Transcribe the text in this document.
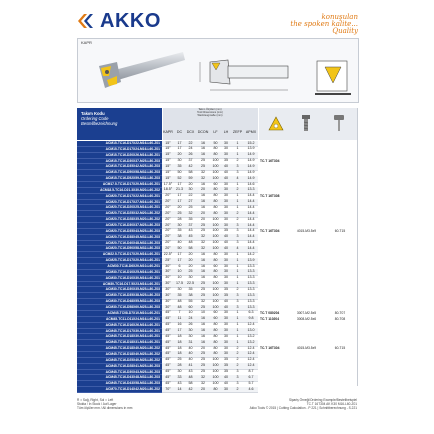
AKKO	konuşulan
the spoken kalite...
Quality
KAPR
Takım Kodu
Ordering Code
Bestellbezeichnung
Takım Ölçüleri (mm)
Tool Dimensions (mm)
Werkzeugmaße (mm)
KAPR	DC	DCX DCON	LF	LH	ZEFP	APMX
ACM15-TC16-D17X22-M16-L60-Z01	15°	17	22	16	50	30	1	15.2
ACM15-TC16-D17X24-M16-L60-Z01	15°	17	24	16	80	30	1	13.9
ACM15-TC16-D20X26-M16-L80-Z01	15°	20	26	16	80	30	1	14.9
ACM15-TC16-D30X37-M25-L80-Z03	15°	30	37	25	100	35	2	14.9	TC.T 16T304
ACM15-TC16-D35X42-M25-L80-Z03	15°	35	42	25	100	40	3	14.9
ACM15-TC16-D50X58-M32-L80-Z03	15°	50	58	32	100	40	3	14.9
ACM15-TC16-D52X59-M32-L80-Z03	15°	52	59	32	100	40	4	14.9
ACM17.5-TC16-D17X20-M16-L60-Z01	17.5°	17	20	16	60	30	1	14.6
ACM18.5-TC16-D21.3X30-M20-L60-Z02	18.5°	21.3	30	20	80	30	2	13.3
ACM20-TC16-D17X22-M16-L60-Z01	20°	17	22	16	80	30	1	14.4	TC.T 16T308
ACM20-TC16-D17X27-M16-L60-Z01	20°	17	27	16	80	30	1	14.4
ACM20-TC16-D20X25-M16-L60-Z01	20°	20	25	16	80	30	1	14.4
ACM20-TC16-D25X32-M20-L80-Z02	20°	25	32	20	80	30	2	14.4
ACM20-TC16-D28X35-M20-L80-Z02	20°	28	35	20	100	30	2	14.4
ACM20-TC16-D30X37-M25-L80-Z03	20°	30	37	25	100	30	3	14.4
ACM20-TC16-D35X43-M25-L80-Z03	20°	35	43	25	100	35	3	14.4	TC.T 16T304	4015-M3.5x9	60-T15
ACM20-TC16-D38X45-M32-L80-Z03	20°	38	45	32	100	40	3	14.4
ACM20-TC16-D40X48-M32-L80-Z03	20°	40	48	32	100	40	3	14.4
ACM20-TC16-D50X58-M32-L80-Z03	20°	50	58	32	100	40	4	14.4
ACM22.5-TC16-D17X20-M16-L60-Z01	22.5°	17	20	16	80	30	1	14.2
ACM25-TC16-D17X20-M16-L60-Z01	25°	17	20	16	80	30	1	13.9
ACM30-TC16-D6X20-M10-L60-Z01	30°	6	20	16	60	30	1	13.3
ACM30-TC16-D10X25-M16-L60-Z01	30°	10	25	16	80	30	1	13.3
ACM30-TC16-D10X30-M16-L60-Z01	30°	10	30	16	80	30	1	13.3
ACM30-TC16-D17.5X23-M16-L60-Z01	30°	17.5	22.5	25	100	30	1	13.3
ACM30-TC16-D30X35-M25-L80-Z03	30°	30	35	25	100	35	2	13.3
ACM30-TC16-D35X38-M25-L80-Z03	30°	35	38	25	100	35	3	13.3
ACM30-TC16-D48X55-M32-L80-Z03	30°	48	55	32	100	40	3	13.3
ACM30-TC16-D58X60-M25-L80-Z03	30°	48	60	25	100	40	3	13.3
ACM45-TC08-D7X10-M10-L60-Z01	45°	7	10	10	60	30	1	6.3	TC.T 080204	3007-M2.5x5	80-T07
ACM45-TC11-D11X24-M16-L60-Z01	45°	11	24	16	60	30	1	9.8	TC.T 110204	3008-M2.5x6	80-T08
ACM45-TC16-D16X26-M16-L60-Z01	45°	16	26	16	80	30	1	12.4
ACM45-TC16-D17X30-M16-L60-Z01	45°	17	30	16	80	30	1	13.0
ACM45-TC16-D18X30-M16-L60-Z01	45°	18	30	16	80	30	1	13.2
ACM45-TC16-D18X31-M16-L60-Z01	45°	18	31	16	80	30	1	13.2
ACM45-TC16-D18X40-M20-L80-Z02	45°	18	40	20	80	30	2	12.4	TC.T 16T304	4015-M3.5x9	60-T15
ACM45-TC16-D18X40-M25-L80-Z02	45°	18	40	25	80	30	2	12.4
ACM45-TC16-D25X40-M25-L80-Z02	45°	25	40	25	100	35	2	12.4
ACM45-TC16-D28X41-M25-L80-Z03	45°	28	41	25	100	35	2	12.4
ACM45-TC16-D30X43-M25-L80-Z03	45°	30	43	25	100	35	3	8.7
ACM45-TC16-D43X48-M32-L80-Z03	45°	33	48	32	100	40	3	6.7
ACM45-TC16-D43X58-M32-L80-Z03	45°	43	58	32	100	40	3	5.7
ACM70-TC16-D14X42-M20-L80-Z02	70°	14	42	20	80	30	2	4.6
R = Sağ, Right, Sol = Left
Stokta / In Stock / Auf Lager
Tüm ölçüler mm / All dimensions in mm
Sipariş Örneği/Ordering Example/Bestellbeispiel
TC.T 16T304 AK K30 M16-L60-Z01
Akko Tools © 2015 | Cutting Calculation - P 221 | Schnittberechnung - S.221
